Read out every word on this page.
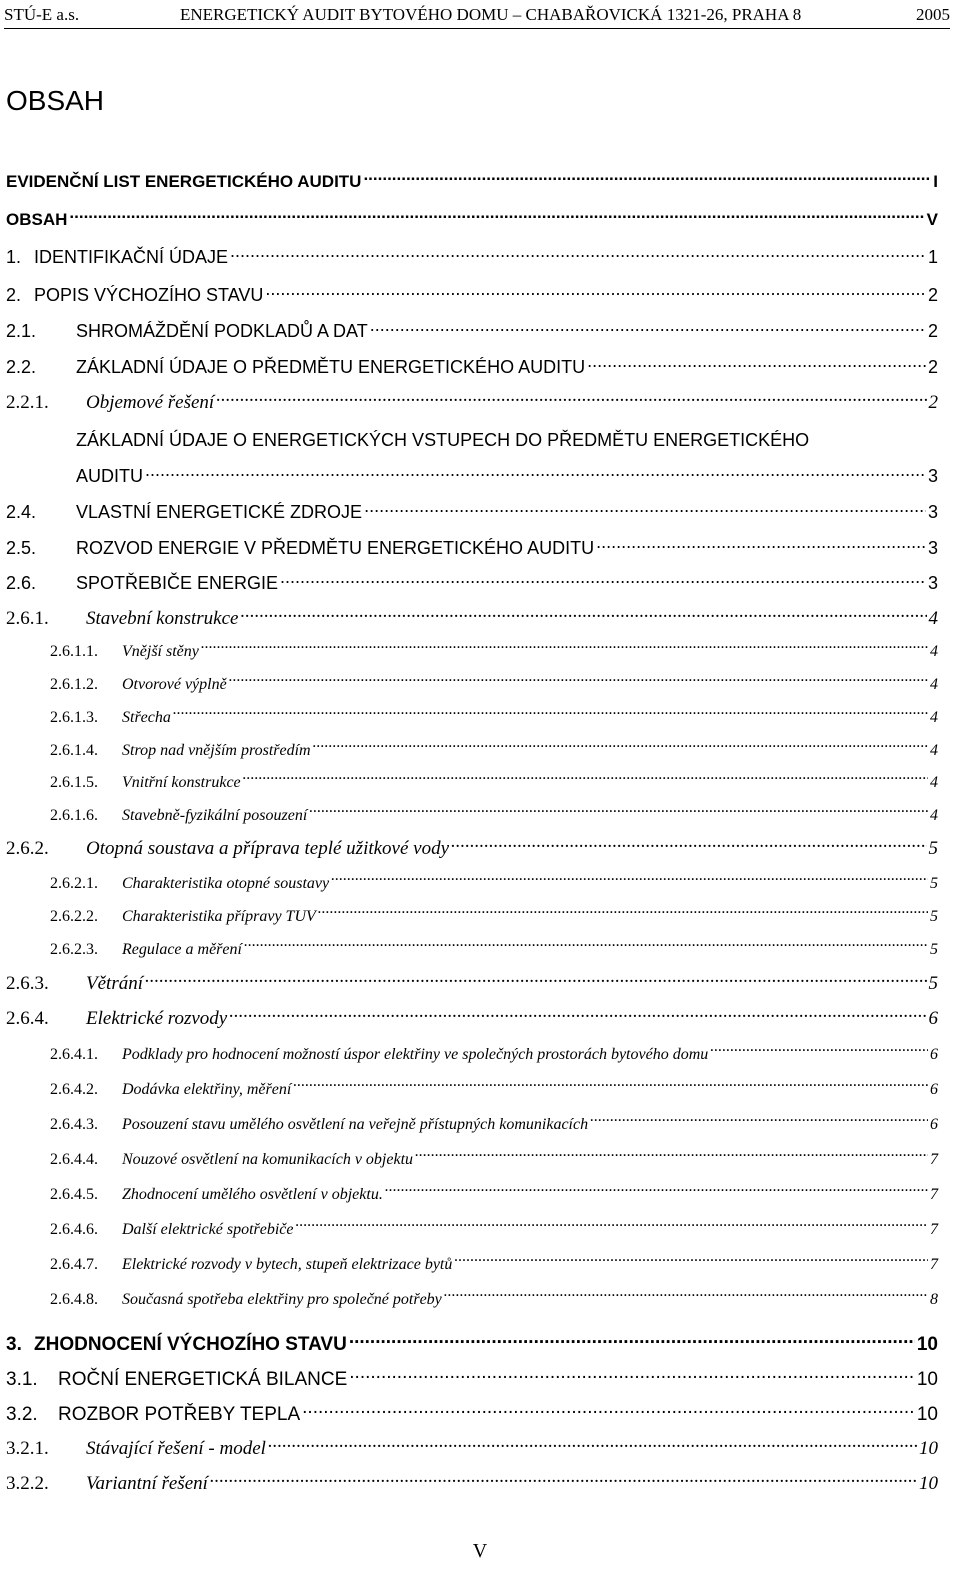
STÚ-E a.s.	ENERGETICKÝ AUDIT BYTOVÉHO DOMU – CHABAŘOVICKÁ 1321-26, PRAHA 8	2005
OBSAH
EVIDENČNÍ LIST ENERGETICKÉHO AUDITU .....	I
OBSAH .....	V
1. IDENTIFIKAČNÍ ÚDAJE .....	1
2. POPIS VÝCHOZÍHO STAVU .....	2
2.1.	SHROMÁŽDĚNÍ PODKLADŮ A DAT .....	2
2.2.	ZÁKLADNÍ ÚDAJE O PŘEDMĚTU ENERGETICKÉHO AUDITU .....	2
2.2.1.	Objemové řešení .....	2
ZÁKLADNÍ ÚDAJE O ENERGETICKÝCH VSTUPECH DO PŘEDMĚTU ENERGETICKÉHO
AUDITU .....	3
2.4.	VLASTNÍ ENERGETICKÉ ZDROJE .....	3
2.5.	ROZVOD ENERGIE V PŘEDMĚTU ENERGETICKÉHO AUDITU .....	3
2.6.	SPOTŘEBIČE ENERGIE .....	3
2.6.1.	Stavební konstrukce .....	4
2.6.1.1.	Vnější stěny .....	4
2.6.1.2.	Otvorové výplně .....	4
2.6.1.3.	Střecha .....	4
2.6.1.4.	Strop nad vnějším prostředím .....	4
2.6.1.5.	Vnitřní konstrukce .....	4
2.6.1.6.	Stavebně-fyzikální posouzení .....	4
2.6.2.	Otopná soustava a příprava teplé užitkové vody .....	5
2.6.2.1.	Charakteristika otopné soustavy .....	5
2.6.2.2.	Charakteristika přípravy TUV .....	5
2.6.2.3.	Regulace a měření .....	5
2.6.3.	Větrání .....	5
2.6.4.	Elektrické rozvody .....	6
2.6.4.1.	Podklady pro hodnocení možností úspor elektřiny ve společných prostorách bytového domu .....	6
2.6.4.2.	Dodávka elektřiny, měření .....	6
2.6.4.3.	Posouzení stavu umělého osvětlení na veřejně přístupných komunikacích .....	6
2.6.4.4.	Nouzové osvětlení na komunikacích v objektu .....	7
2.6.4.5.	Zhodnocení umělého osvětlení v objektu. .....	7
2.6.4.6.	Další elektrické spotřebiče .....	7
2.6.4.7.	Elektrické rozvody v bytech, stupeň elektrizace bytů .....	7
2.6.4.8.	Současná spotřeba elektřiny pro společné potřeby .....	8
3. ZHODNOCENÍ VÝCHOZÍHO STAVU .....	10
3.1.	ROČNÍ ENERGETICKÁ BILANCE .....	10
3.2.	ROZBOR POTŘEBY TEPLA .....	10
3.2.1.	Stávající řešení - model .....	10
3.2.2.	Variantní řešení .....	10
V
